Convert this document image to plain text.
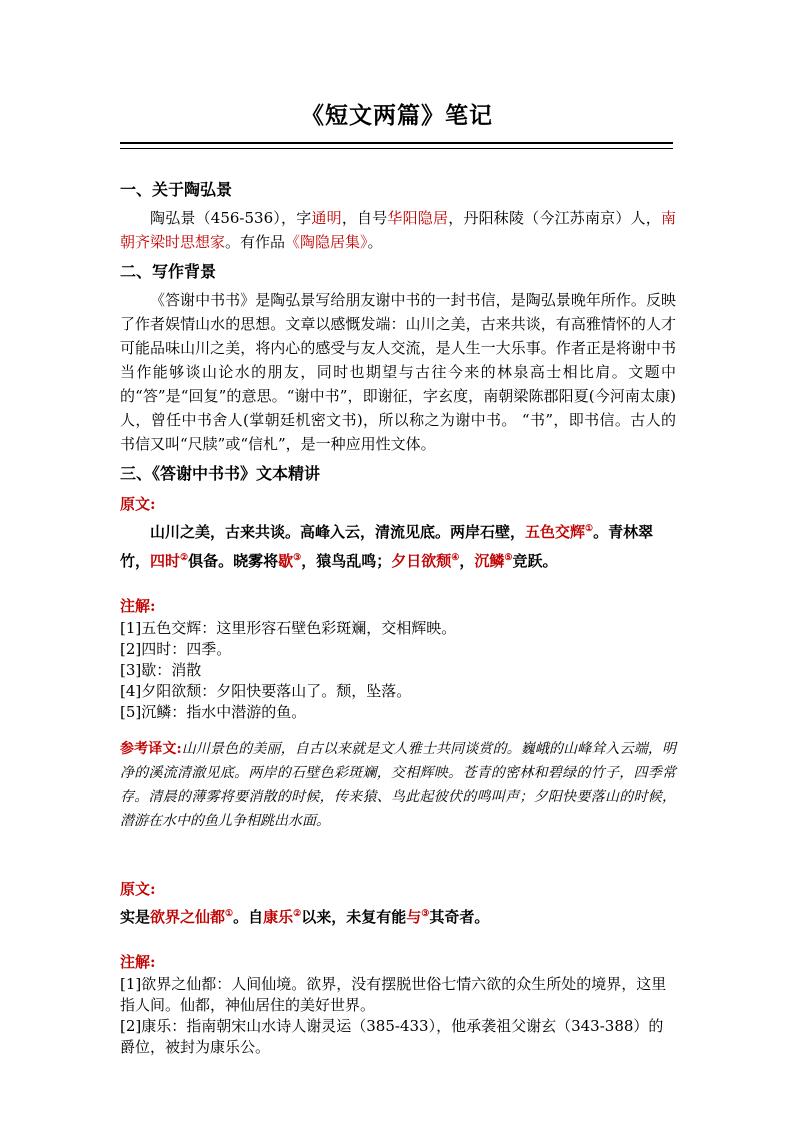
《短文两篇》笔记

一、关于陶弘景

陶弘景（456-536），字通明，自号华阳隐居，丹阳秣陵（今江苏南京）人，南朝齐梁时思想家。有作品《陶隐居集》。

二、写作背景

《答谢中书书》是陶弘景写给朋友谢中书的一封书信，是陶弘景晚年所作。反映了作者娱情山水的思想。文章以感慨发端：山川之美，古来共谈，有高雅情怀的人才可能品味山川之美，将内心的感受与友人交流，是人生一大乐事。作者正是将谢中书当作能够谈山论水的朋友，同时也期望与古往今来的林泉高士相比肩。文题中的“答”是“回复”的意思。“谢中书”，即谢征，字玄度，南朝梁陈郡阳夏(今河南太康)人，曾任中书舍人(掌朝廷机密文书)，所以称之为谢中书。 “书”，即书信。古人的书信又叫“尺牍”或“信札”，是一种应用性文体。

三、《答谢中书书》文本精讲

原文:

山川之美，古来共谈。高峰入云，清流见底。两岸石壁，五色交辉①。青林翠竹，四时②俱备。晓雾将歇③，猿鸟乱鸣；夕日欲颓④，沉鳞⑤竞跃。

注解:

[1]五色交辉：这里形容石壁色彩斑斓，交相辉映。

[2]四时：四季。

[3]歇：消散

[4]夕阳欲颓：夕阳快要落山了。颓，坠落。

[5]沉鳞：指水中潜游的鱼。

参考译文:山川景色的美丽，自古以来就是文人雅士共同谈赏的。巍峨的山峰耸入云端，明净的溪流清澈见底。两岸的石壁色彩斑斓，交相辉映。苍青的密林和碧绿的竹子，四季常存。清晨的薄雾将要消散的时候，传来猿、鸟此起彼伏的鸣叫声；夕阳快要落山的时候，潜游在水中的鱼儿争相跳出水面。

原文:

实是欲界之仙都①。自康乐②以来，未复有能与③其奇者。

注解:

[1]欲界之仙都：人间仙境。欲界，没有摆脱世俗七情六欲的众生所处的境界，这里指人间。仙都，神仙居住的美好世界。

[2]康乐：指南朝宋山水诗人谢灵运（385-433），他承袭祖父谢玄（343-388）的爵位，被封为康乐公。
